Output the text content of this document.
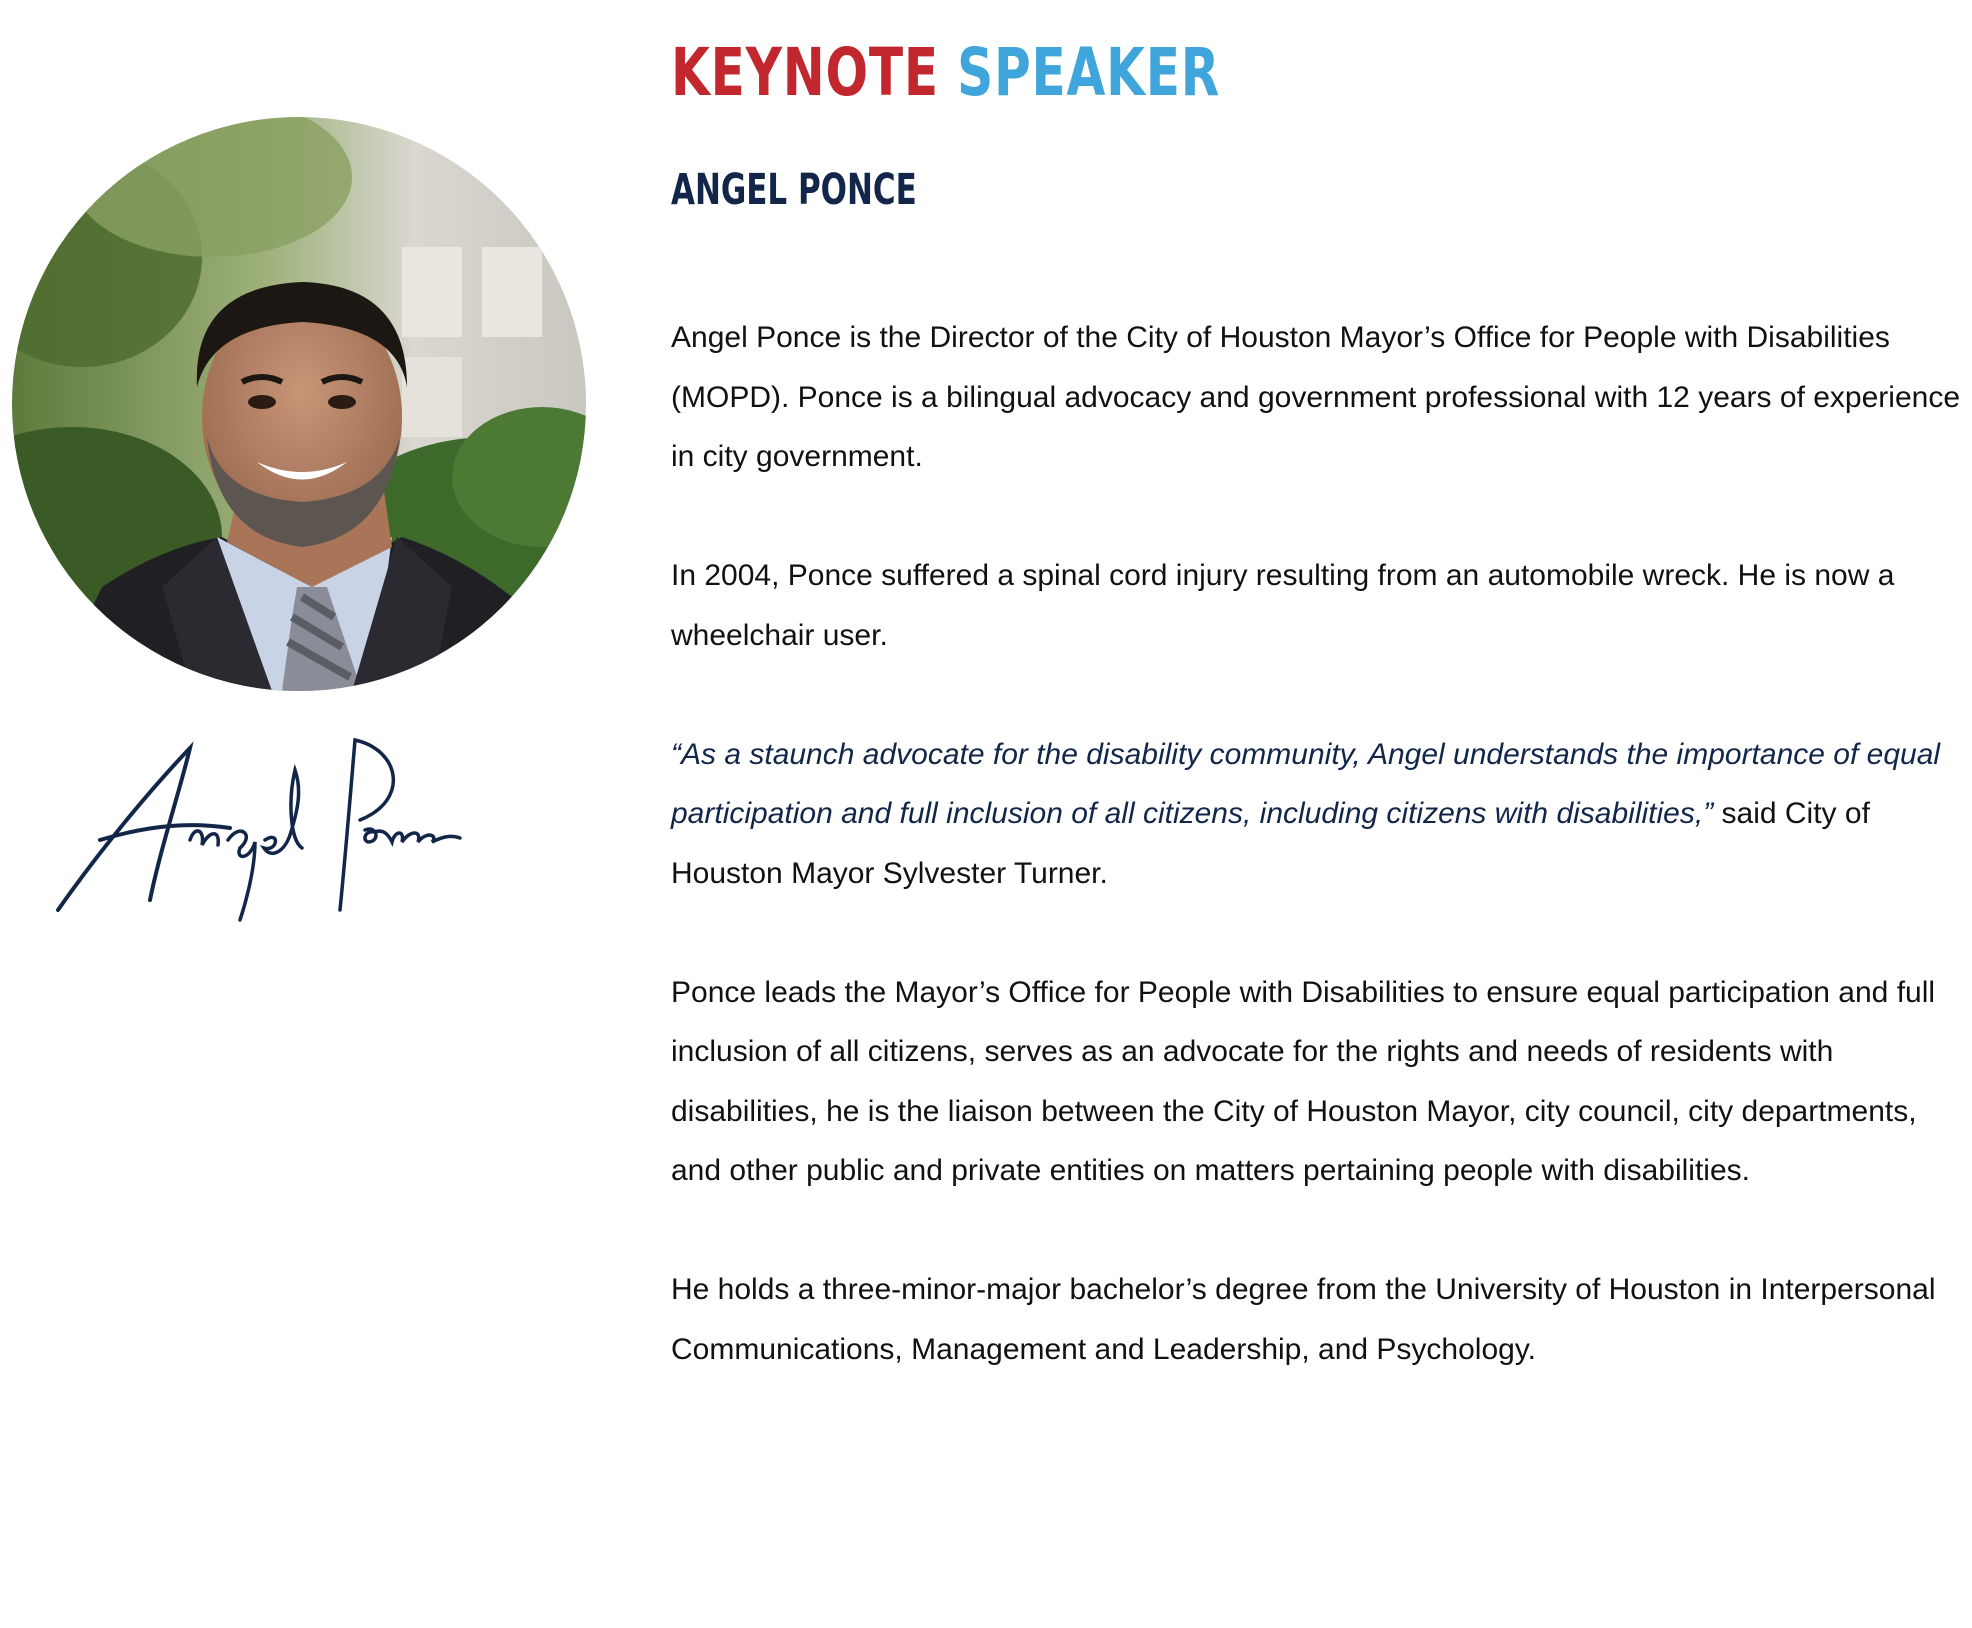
KEYNOTE SPEAKER
ANGEL PONCE

Angel Ponce is the Director of the City of Houston Mayor’s Office for People with Disabilities (MOPD). Ponce is a bilingual advocacy and government professional with 12 years of experience in city government.

In 2004, Ponce suffered a spinal cord injury resulting from an automobile wreck. He is now a wheelchair user.

“As a staunch advocate for the disability community, Angel understands the importance of equal participation and full inclusion of all citizens, including citizens with disabilities,” said City of Houston Mayor Sylvester Turner.

Ponce leads the Mayor’s Office for People with Disabilities to ensure equal participation and full inclusion of all citizens, serves as an advocate for the rights and needs of residents with disabilities, he is the liaison between the City of Houston Mayor, city council, city departments, and other public and private entities on matters pertaining people with disabilities.

He holds a three-minor-major bachelor’s degree from the University of Houston in Interpersonal Communications, Management and Leadership, and Psychology.
